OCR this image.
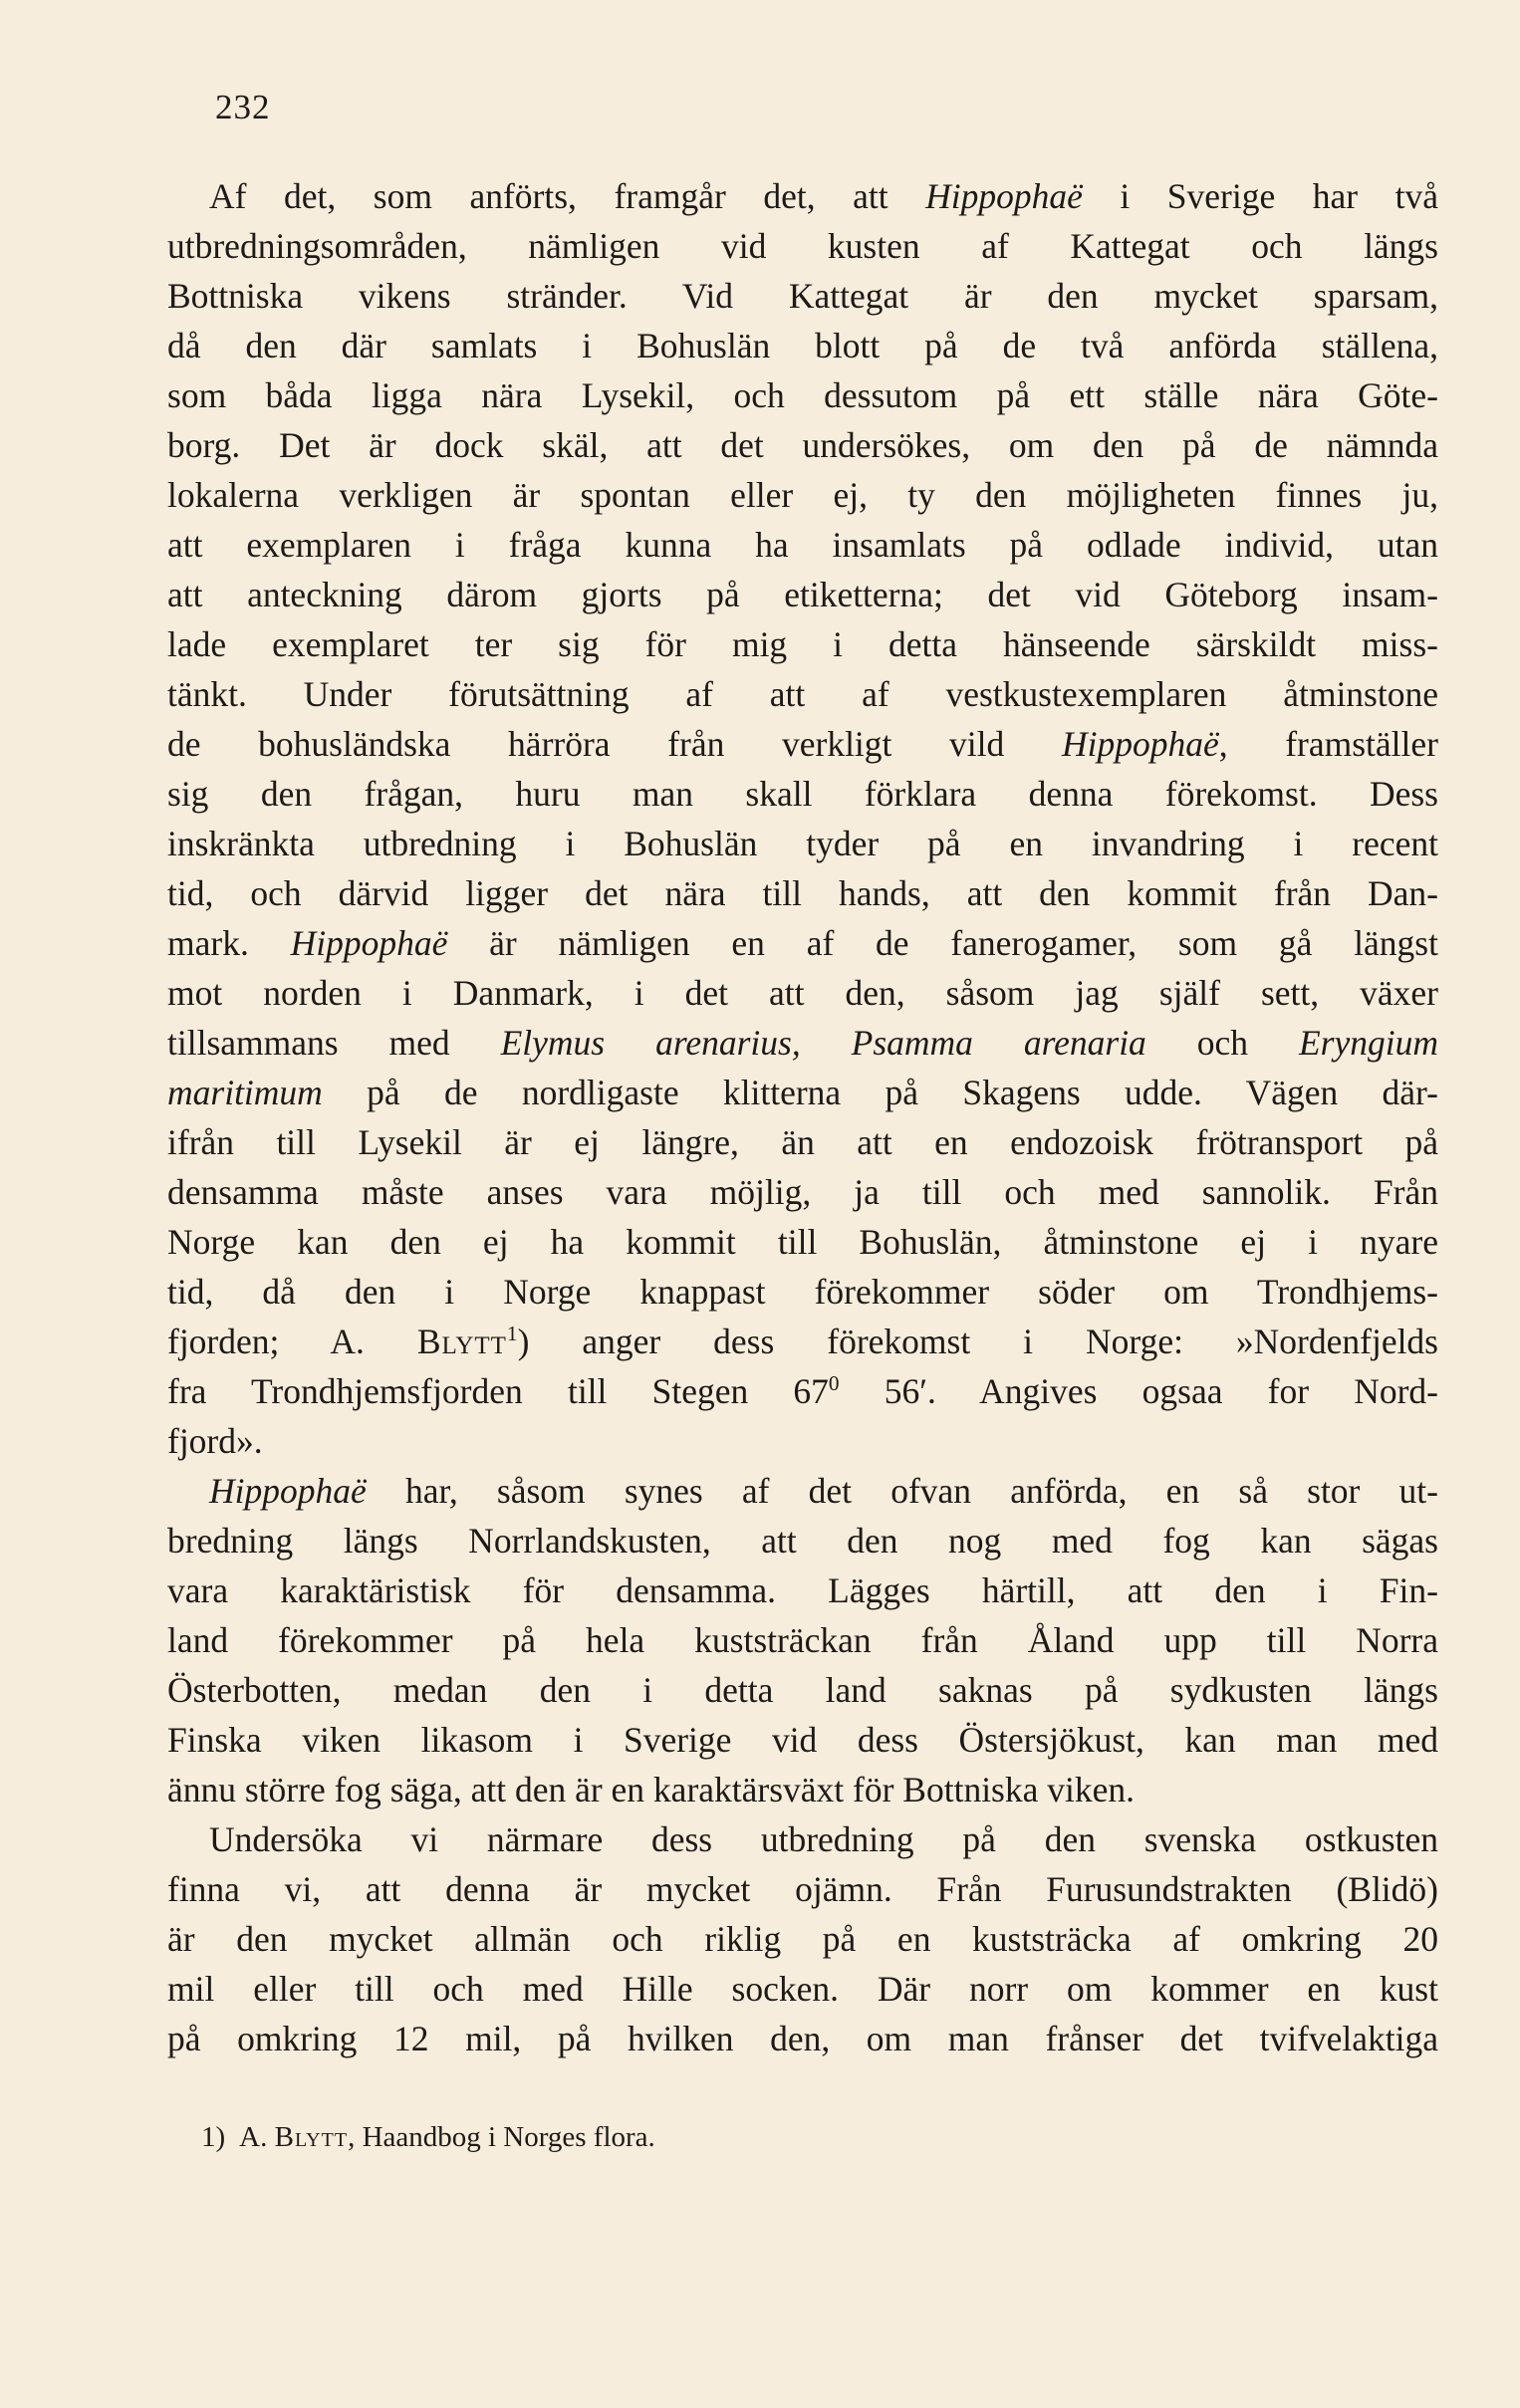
232
Af det, som anförts, framgår det, att Hippophaë i Sverige har två
utbredningsområden, nämligen vid kusten af Kattegat och längs
Bottniska vikens stränder. Vid Kattegat är den mycket sparsam,
då den där samlats i Bohuslän blott på de två anförda ställena,
som båda ligga nära Lysekil, och dessutom på ett ställe nära Göte-
borg. Det är dock skäl, att det undersökes, om den på de nämnda
lokalerna verkligen är spontan eller ej, ty den möjligheten finnes ju,
att exemplaren i fråga kunna ha insamlats på odlade individ, utan
att anteckning därom gjorts på etiketterna; det vid Göteborg insam-
lade exemplaret ter sig för mig i detta hänseende särskildt miss-
tänkt. Under förutsättning af att af vestkustexemplaren åtminstone
de bohusländska härröra från verkligt vild Hippophaë, framställer
sig den frågan, huru man skall förklara denna förekomst. Dess
inskränkta utbredning i Bohuslän tyder på en invandring i recent
tid, och därvid ligger det nära till hands, att den kommit från Dan-
mark. Hippophaë är nämligen en af de fanerogamer, som gå längst
mot norden i Danmark, i det att den, såsom jag själf sett, växer
tillsammans med Elymus arenarius, Psamma arenaria och Eryngium
maritimum på de nordligaste klitterna på Skagens udde. Vägen där-
ifrån till Lysekil är ej längre, än att en endozoisk frötransport på
densamma måste anses vara möjlig, ja till och med sannolik. Från
Norge kan den ej ha kommit till Bohuslän, åtminstone ej i nyare
tid, då den i Norge knappast förekommer söder om Trondhjems-
fjorden; A. Blytt$^1$) anger dess förekomst i Norge: »Nordenfjelds
fra Trondhjemsfjorden till Stegen $67^0$ 56′. Angives ogsaa for Nord-
fjord».
Hippophaë har, såsom synes af det ofvan anförda, en så stor ut-
bredning längs Norrlandskusten, att den nog med fog kan sägas
vara karaktäristisk för densamma. Lägges härtill, att den i Fin-
land förekommer på hela kuststräckan från Åland upp till Norra
Österbotten, medan den i detta land saknas på sydkusten längs
Finska viken likasom i Sverige vid dess Östersjökust, kan man med
ännu större fog säga, att den är en karaktärsväxt för Bottniska viken.
Undersöka vi närmare dess utbredning på den svenska ostkusten
finna vi, att denna är mycket ojämn. Från Furusundstrakten (Blidö)
är den mycket allmän och riklig på en kuststräcka af omkring 20
mil eller till och med Hille socken. Där norr om kommer en kust
på omkring 12 mil, på hvilken den, om man frånser det tvifvelaktiga
1) A. Blytt, Haandbog i Norges flora.
